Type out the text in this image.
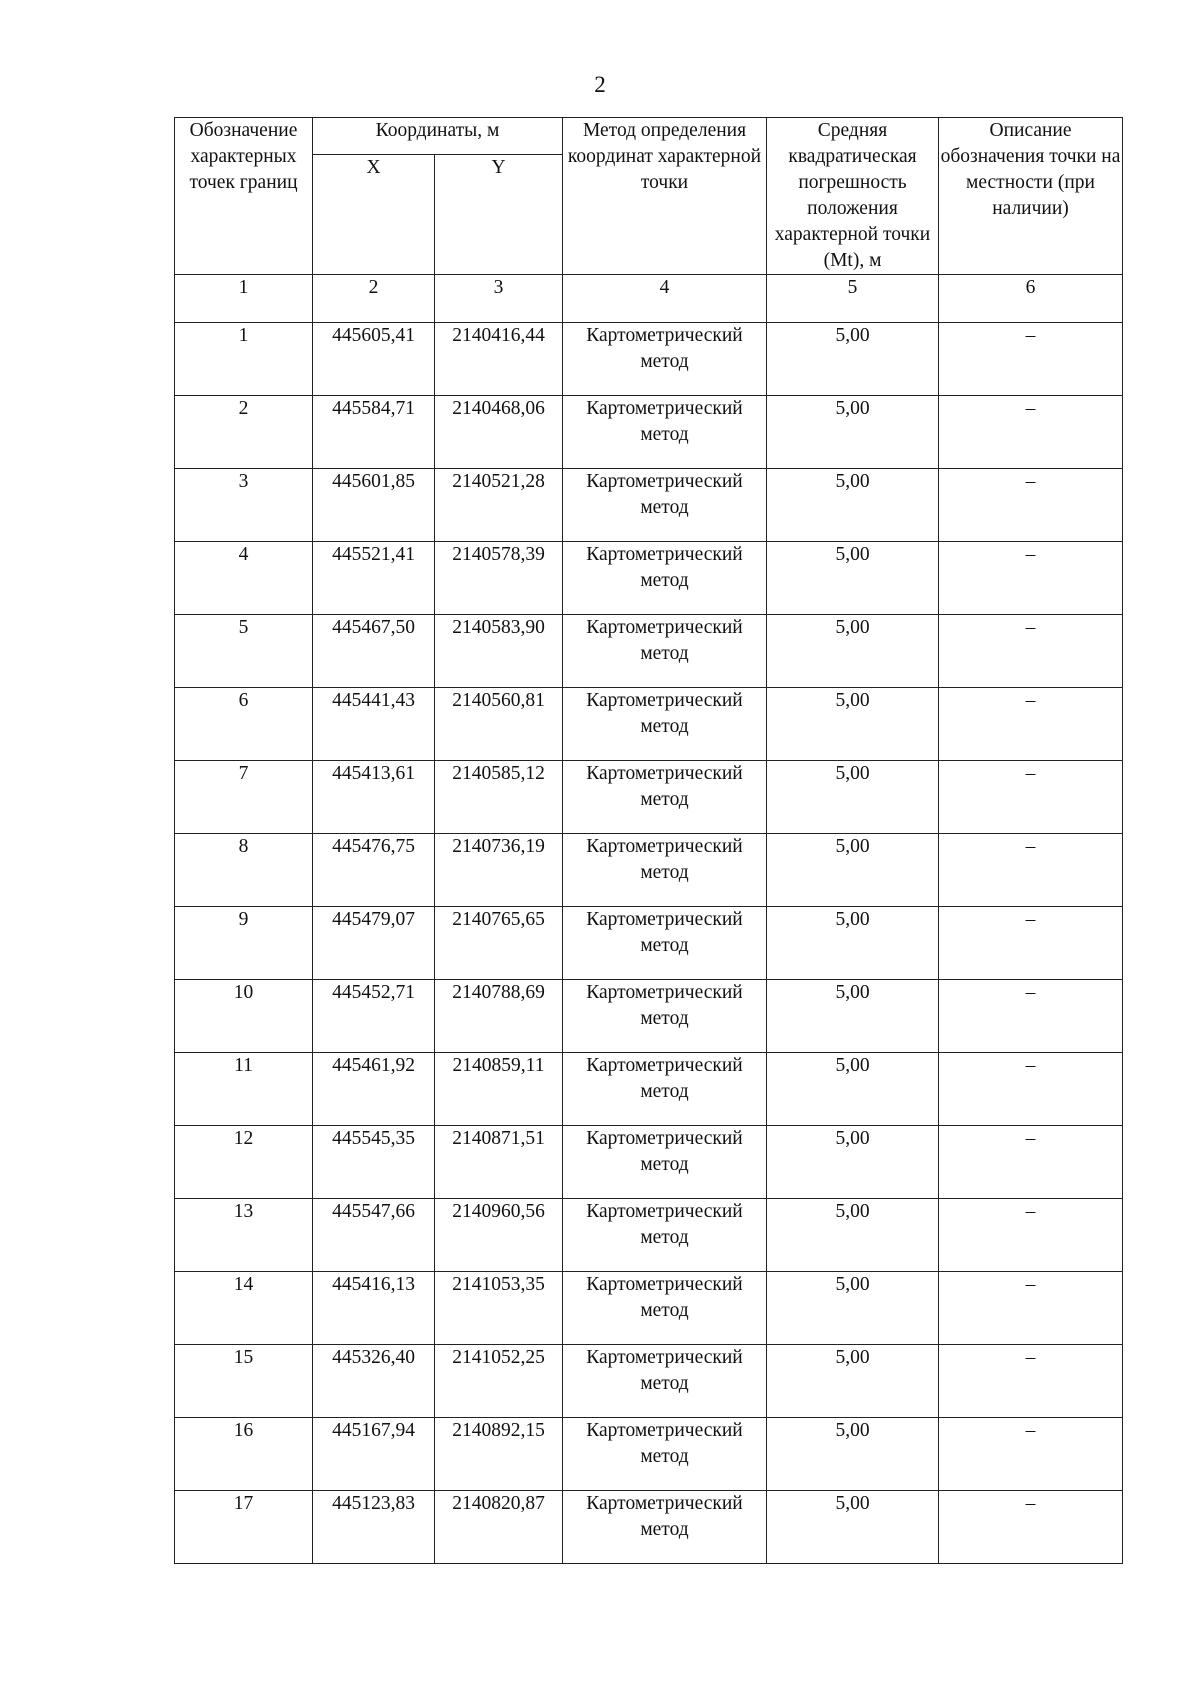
2
Обозначение характерных точек границ	Координаты, м		Метод определения координат характерной точки	Средняя квадратическая погрешность положения характерной точки (Mt), м	Описание обозначения точки на местности (при наличии)
	X	Y			
1	2	3	4	5	6
1	445605,41	2140416,44	Картометрический метод	5,00	–
2	445584,71	2140468,06	Картометрический метод	5,00	–
3	445601,85	2140521,28	Картометрический метод	5,00	–
4	445521,41	2140578,39	Картометрический метод	5,00	–
5	445467,50	2140583,90	Картометрический метод	5,00	–
6	445441,43	2140560,81	Картометрический метод	5,00	–
7	445413,61	2140585,12	Картометрический метод	5,00	–
8	445476,75	2140736,19	Картометрический метод	5,00	–
9	445479,07	2140765,65	Картометрический метод	5,00	–
10	445452,71	2140788,69	Картометрический метод	5,00	–
11	445461,92	2140859,11	Картометрический метод	5,00	–
12	445545,35	2140871,51	Картометрический метод	5,00	–
13	445547,66	2140960,56	Картометрический метод	5,00	–
14	445416,13	2141053,35	Картометрический метод	5,00	–
15	445326,40	2141052,25	Картометрический метод	5,00	–
16	445167,94	2140892,15	Картометрический метод	5,00	–
17	445123,83	2140820,87	Картометрический метод	5,00	–
